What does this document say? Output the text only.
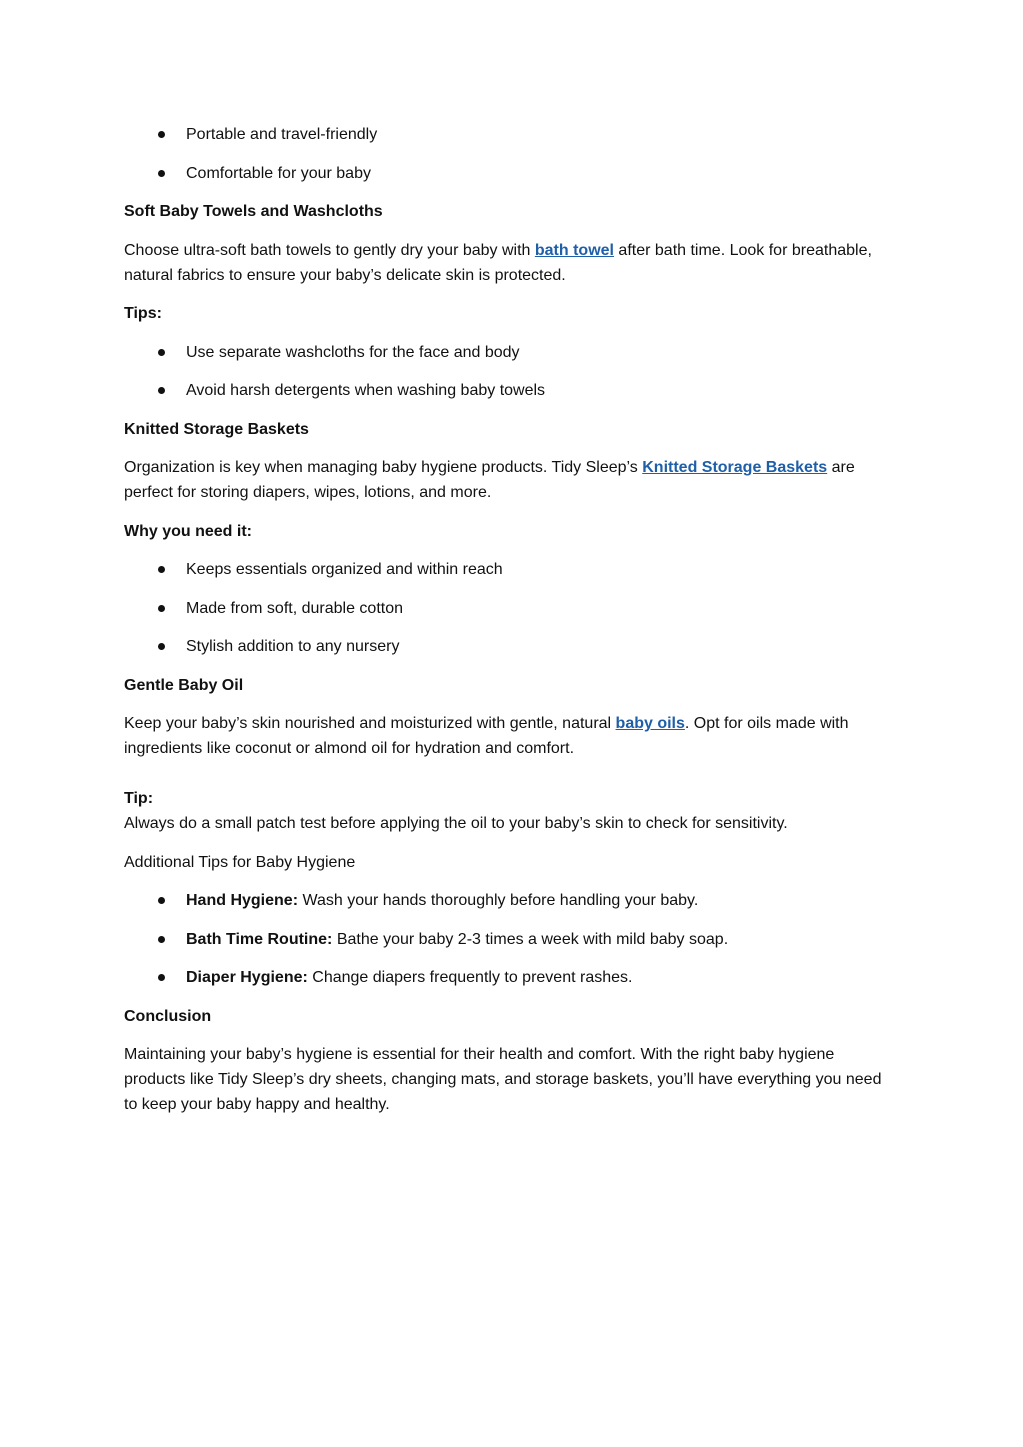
Portable and travel-friendly
Comfortable for your baby

Soft Baby Towels and Washcloths

Choose ultra-soft bath towels to gently dry your baby with bath towel after bath time. Look for breathable, natural fabrics to ensure your baby’s delicate skin is protected.

Tips:

Use separate washcloths for the face and body
Avoid harsh detergents when washing baby towels

Knitted Storage Baskets

Organization is key when managing baby hygiene products. Tidy Sleep’s Knitted Storage Baskets are perfect for storing diapers, wipes, lotions, and more.

Why you need it:

Keeps essentials organized and within reach
Made from soft, durable cotton
Stylish addition to any nursery

Gentle Baby Oil

Keep your baby’s skin nourished and moisturized with gentle, natural baby oils. Opt for oils made with ingredients like coconut or almond oil for hydration and comfort.

Tip:

Always do a small patch test before applying the oil to your baby’s skin to check for sensitivity.

Additional Tips for Baby Hygiene

Hand Hygiene: Wash your hands thoroughly before handling your baby.
Bath Time Routine: Bathe your baby 2-3 times a week with mild baby soap.
Diaper Hygiene: Change diapers frequently to prevent rashes.

Conclusion

Maintaining your baby’s hygiene is essential for their health and comfort. With the right baby hygiene products like Tidy Sleep’s dry sheets, changing mats, and storage baskets, you’ll have everything you need to keep your baby happy and healthy.
